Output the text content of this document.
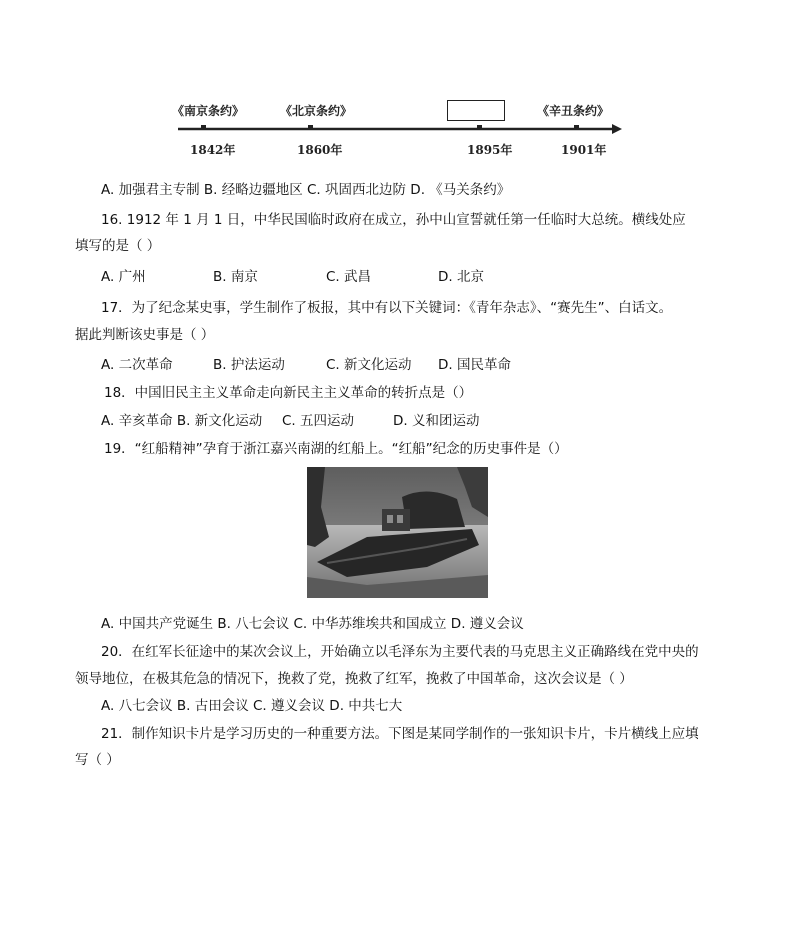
《南京条约》	《北京条约》	《辛丑条约》
1842年	1860年	1895年	1901年
A. 加强君主专制 B. 经略边疆地区 C. 巩固西北边防 D. 《马关条约》
16. 1912 年 1 月 1 日，中华民国临时政府在成立，孙中山宣誓就任第一任临时大总统。横线处应
填写的是（ ）
A. 广州	B. 南京	C. 武昌	D. 北京
17．为了纪念某史事，学生制作了板报，其中有以下关键词：《青年杂志》、“赛先生”、白话文。
据此判断该史事是（ ）
A. 二次革命	B. 护法运动	C. 新文化运动 D. 国民革命
18．中国旧民主主义革命走向新民主主义革命的转折点是（）
A. 辛亥革命 B. 新文化运动 C. 五四运动	D. 义和团运动
19．“红船精神”孕育于浙江嘉兴南湖的红船上。“红船”纪念的历史事件是（）
A. 中国共产党诞生 B. 八七会议 C. 中华苏维埃共和国成立 D. 遵义会议
20．在红军长征途中的某次会议上，开始确立以毛泽东为主要代表的马克思主义正确路线在党中央的
领导地位，在极其危急的情况下，挽救了党，挽救了红军，挽救了中国革命，这次会议是（ ）
A. 八七会议 B. 古田会议 C. 遵义会议 D. 中共七大
21．制作知识卡片是学习历史的一种重要方法。下图是某同学制作的一张知识卡片，卡片横线上应填
写（ ）
